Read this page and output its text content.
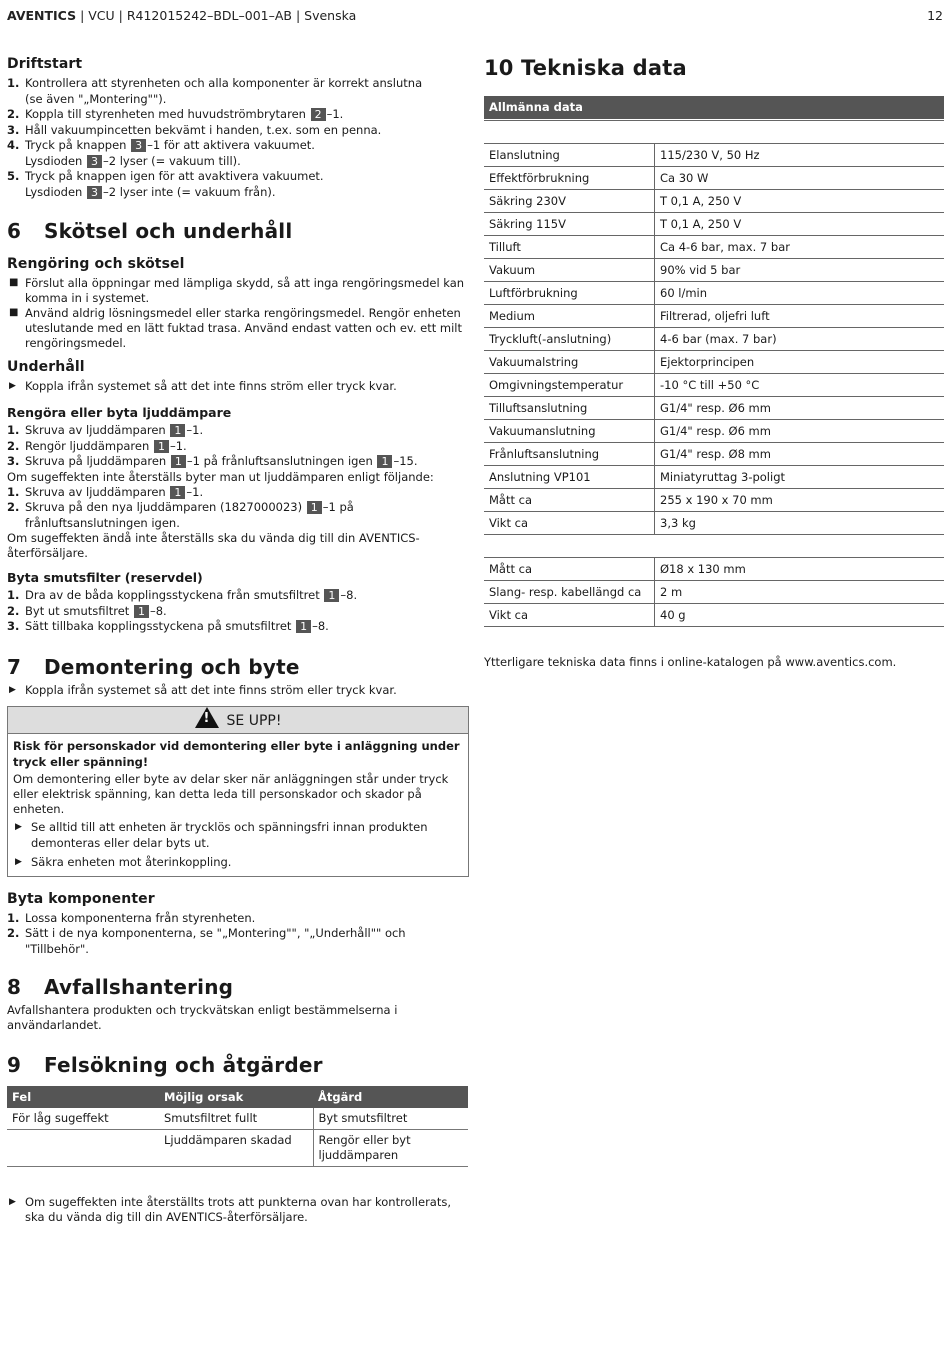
AVENTICS | VCU | R412015242–BDL–001–AB | Svenska	12
Driftstart
1. Kontrollera att styrenheten och alla komponenter är korrekt anslutna
(se även "„Montering"").
2. Koppla till styrenheten med huvudströmbrytaren 2 –1.
3. Håll vakuumpincetten bekvämt i handen, t.ex. som en penna.
4. Tryck på knappen 3 –1 för att aktivera vakuumet.
Lysdioden 3 –2 lyser (= vakuum till).
5. Tryck på knappen igen för att avaktivera vakuumet.
Lysdioden 3 –2 lyser inte (= vakuum från).
6 Skötsel och underhåll
Rengöring och skötsel
■ Förslut alla öppningar med lämpliga skydd, så att inga rengöringsmedel kan komma in i systemet.
■ Använd aldrig lösningsmedel eller starka rengöringsmedel. Rengör enheten uteslutande med en lätt fuktad trasa. Använd endast vatten och ev. ett milt rengöringsmedel.
Underhåll
▶ Koppla ifrån systemet så att det inte finns ström eller tryck kvar.
Rengöra eller byta ljuddämpare
1. Skruva av ljuddämparen 1 –1.
2. Rengör ljuddämparen 1 –1.
3. Skruva på ljuddämparen 1 –1 på frånluftsanslutningen igen 1 –15.

Om sugeffekten inte återställs byter man ut ljuddämparen enligt följande:

1. Skruva av ljuddämparen 1 –1.
2. Skruva på den nya ljuddämparen (1827000023) 1 –1 på frånluftsanslutningen igen.

Om sugeffekten ändå inte återställs ska du vända dig till din AVENTICS-återförsäljare.

Byta smutsfilter (reservdel)
1. Dra av de båda kopplingsstyckena från smutsfiltret 1 –8.
2. Byt ut smutsfiltret 1 –8.
3. Sätt tillbaka kopplingsstyckena på smutsfiltret 1 –8.
7 Demontering och byte
▶ Koppla ifrån systemet så att det inte finns ström eller tryck kvar.
! SE UPP!
Risk för personskador vid demontering eller byte i anläggning under tryck eller spänning!

Om demontering eller byte av delar sker när anläggningen står under tryck eller elektrisk spänning, kan detta leda till personskador och skador på enheten.

▶ Se alltid till att enheten är trycklös och spänningsfri innan produkten demonteras eller delar byts ut.
▶ Säkra enheten mot återinkoppling.
Byta komponenter
1. Lossa komponenterna från styrenheten.
2. Sätt i de nya komponenterna, se "„Montering"", "„Underhåll"" och "Tillbehör".
8 Avfallshantering

Avfallshantera produkten och tryckvätskan enligt bestämmelserna i användarlandet.

9 Felsökning och åtgärder
Fel	Möjlig orsak	Åtgärd
För låg sugeffekt	Smutsfiltret fullt	Byt smutsfiltret
	Ljuddämparen skadad	Rengör eller byt ljuddämparen
▶ Om sugeffekten inte återställts trots att punkterna ovan har kontrollerats, ska du vända dig till din AVENTICS-återförsäljare.
10 Tekniska data
Allmänna data
Elanslutning	115/230 V, 50 Hz
Effektförbrukning	Ca 30 W
Säkring 230V	T 0,1 A, 250 V
Säkring 115V	T 0,1 A, 250 V
Tilluft	Ca 4-6 bar, max. 7 bar
Vakuum	90% vid 5 bar
Luftförbrukning	60 l/min
Medium	Filtrerad, oljefri luft
Tryckluft(-anslutning)	4-6 bar (max. 7 bar)
Vakuumalstring	Ejektorprincipen
Omgivningstemperatur	-10 °C till +50 °C
Tilluftsanslutning	G1/4" resp. Ø6 mm
Vakuumanslutning	G1/4" resp. Ø6 mm
Frånluftsanslutning	G1/4" resp. Ø8 mm
Anslutning VP101	Miniatyruttag 3-poligt
Mått ca	255 x 190 x 70 mm
Vikt ca	3,3 kg
Mått ca	Ø18 x 130 mm
Slang- resp. kabellängd ca	2 m
Vikt ca	40 g

Ytterligare tekniska data finns i online-katalogen på www.aventics.com.
